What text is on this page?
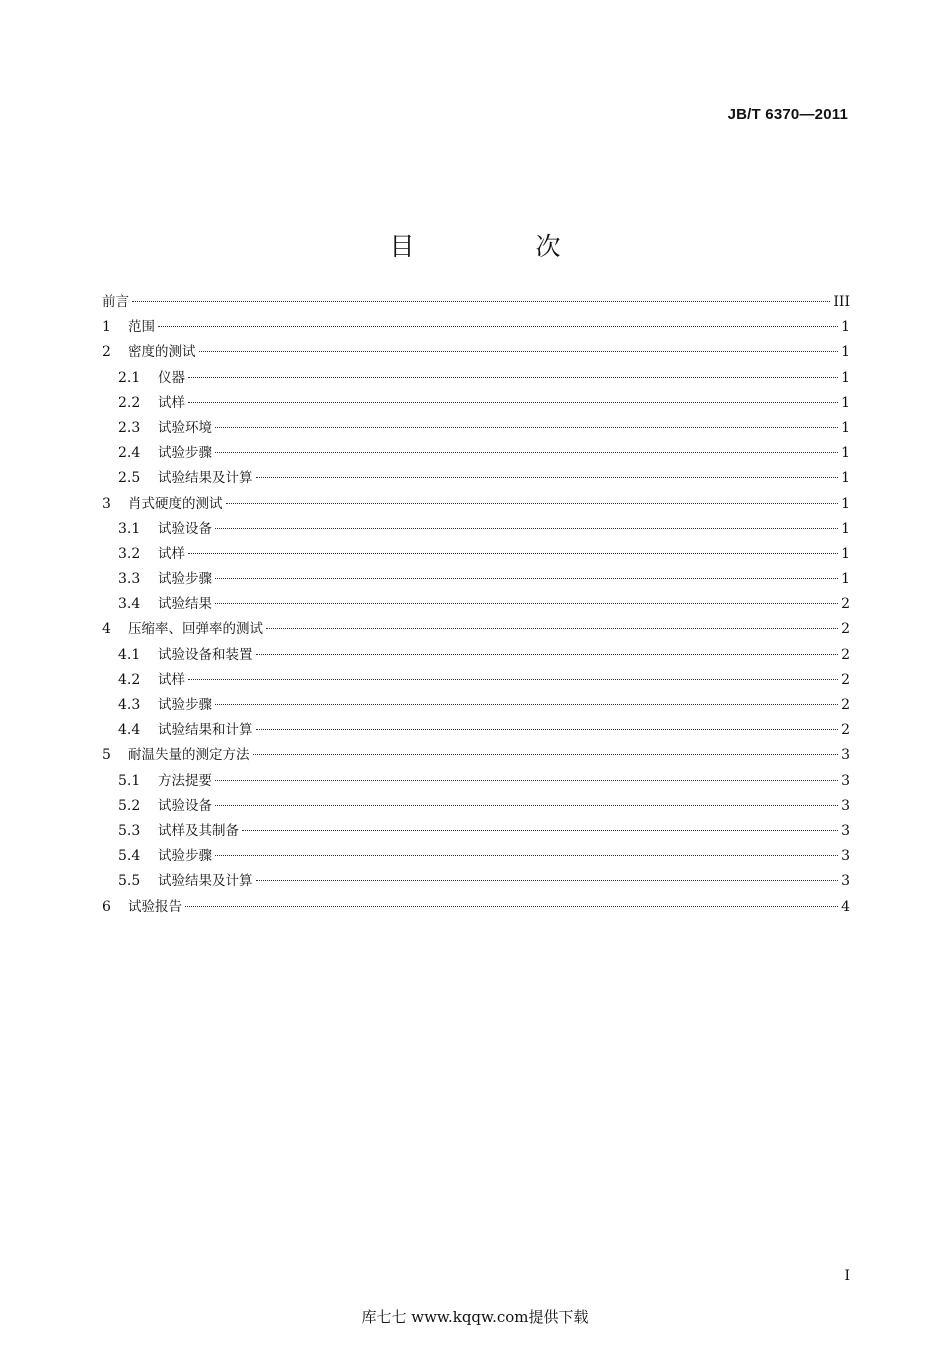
JB/T 6370—2011
目　次
前言	III
1	范围	1
2	密度的测试	1
2.1	仪器	1
2.2	试样	1
2.3	试验环境	1
2.4	试验步骤	1
2.5	试验结果及计算	1
3	肖式硬度的测试	1
3.1	试验设备	1
3.2	试样	1
3.3	试验步骤	1
3.4	试验结果	2
4	压缩率、回弹率的测试	2
4.1	试验设备和装置	2
4.2	试样	2
4.3	试验步骤	2
4.4	试验结果和计算	2
5	耐温失量的测定方法	3
5.1	方法提要	3
5.2	试验设备	3
5.3	试样及其制备	3
5.4	试验步骤	3
5.5	试验结果及计算	3
6	试验报告	4
I
库七七 www.kqqw.com提供下载
